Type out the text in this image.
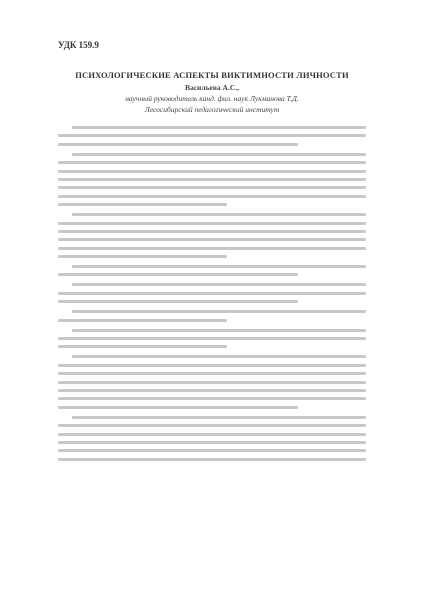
УДК 159.9
ПСИХОЛОГИЧЕСКИЕ АСПЕКТЫ ВИКТИМНОСТИ ЛИЧНОСТИ
Васильева А.С.,
научный руководитель канд. фил. наук Лукманова Т.Д.
Лесосибирский педагогический институт
